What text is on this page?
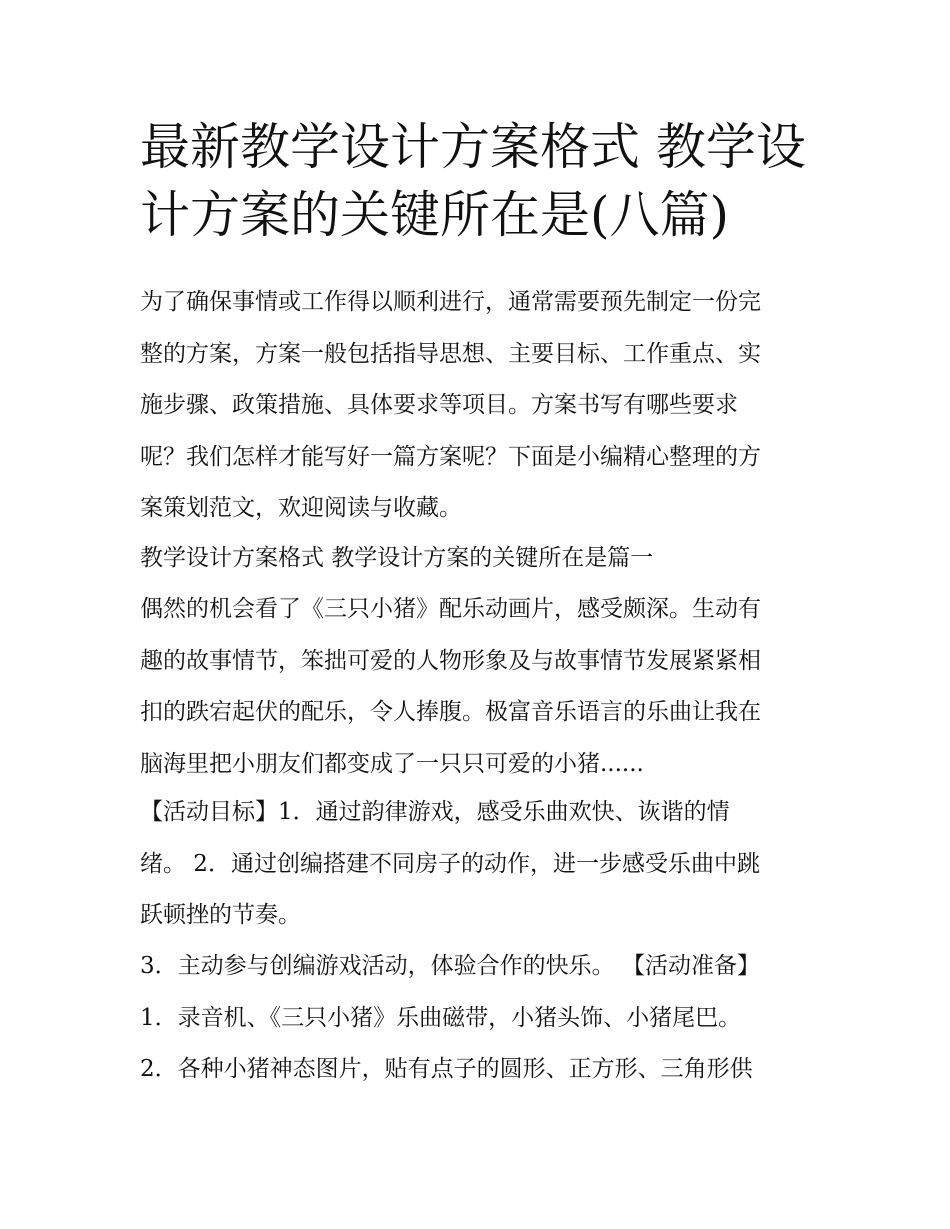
最新教学设计方案格式 教学设
计方案的关键所在是(八篇)
为了确保事情或工作得以顺利进行，通常需要预先制定一份完
整的方案，方案一般包括指导思想、主要目标、工作重点、实
施步骤、政策措施、具体要求等项目。方案书写有哪些要求
呢？我们怎样才能写好一篇方案呢？下面是小编精心整理的方
案策划范文，欢迎阅读与收藏。
教学设计方案格式 教学设计方案的关键所在是篇一
偶然的机会看了《三只小猪》配乐动画片，感受颇深。生动有
趣的故事情节，笨拙可爱的人物形象及与故事情节发展紧紧相
扣的跌宕起伏的配乐，令人捧腹。极富音乐语言的乐曲让我在
脑海里把小朋友们都变成了一只只可爱的小猪......
【活动目标】1．通过韵律游戏，感受乐曲欢快、诙谐的情
绪。 2．通过创编搭建不同房子的动作，进一步感受乐曲中跳
跃顿挫的节奏。
3．主动参与创编游戏活动，体验合作的快乐。 【活动准备】
1．录音机、《三只小猪》乐曲磁带，小猪头饰、小猪尾巴。
2．各种小猪神态图片，贴有点子的圆形、正方形、三角形供
